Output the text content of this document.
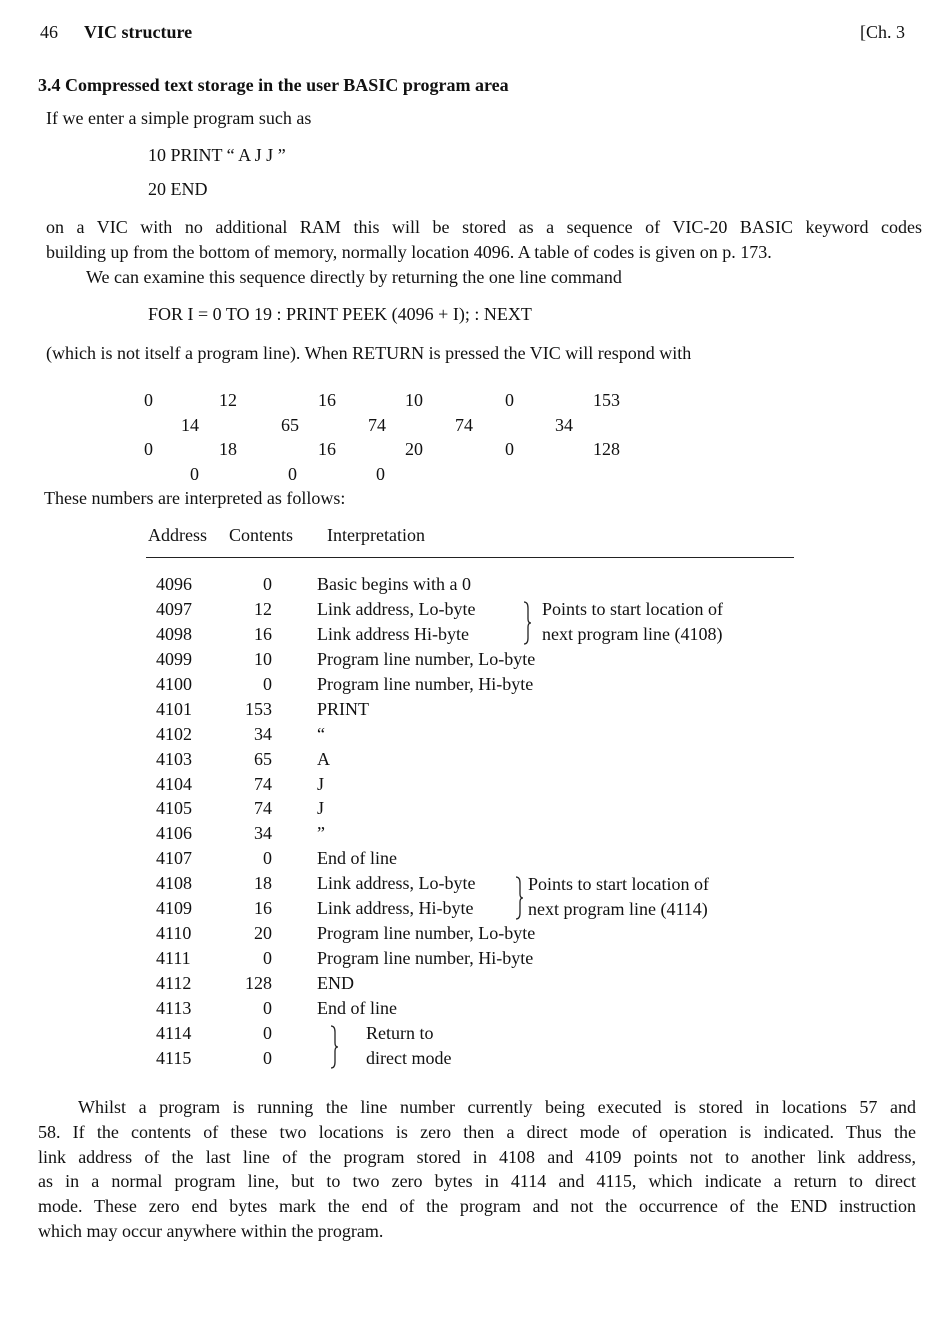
46 VIC structure	[Ch. 3
3.4 Compressed text storage in the user BASIC program area
If we enter a simple program such as
10 PRINT “ A J J ”
20 END
on a VIC with no additional RAM this will be stored as a sequence of VIC-20 BASIC keyword codes
building up from the bottom of memory, normally location 4096. A table of codes is given on p. 173.
We can examine this sequence directly by returning the one line command
FOR I = 0 TO 19 : PRINT PEEK (4096 + I); : NEXT
(which is not itself a program line). When RETURN is pressed the VIC will respond with
0	12	16	10	0	153
14	65	74	74	34
0	18	16	20	0	128
0	0	0
These numbers are interpreted as follows:
Address Contents Interpretation
4096	0	Basic begins with a 0
4097	12	Link address, Lo-byte
4098	16	Link address Hi-byte
4099	10	Program line number, Lo-byte
4100	0	Program line number, Hi-byte
4101	153	PRINT
4102	34	“
4103	65	A
4104	74	J
4105	74	J
4106	34	”
4107	0	End of line
4108	18	Link address, Lo-byte
4109	16	Link address, Hi-byte
4110	20	Program line number, Lo-byte
4111	0	Program line number, Hi-byte
4112	128	END
4113	0	End of line
4114	0
4115	0
Points to start location of
next program line (4108)
Points to start location of
next program line (4114)
Return to
direct mode
Whilst a program is running the line number currently being executed is stored in locations 57 and
58. If the contents of these two locations is zero then a direct mode of operation is indicated. Thus the
link address of the last line of the program stored in 4108 and 4109 points not to another link address,
as in a normal program line, but to two zero bytes in 4114 and 4115, which indicate a return to direct
mode. These zero end bytes mark the end of the program and not the occurrence of the END instruction
which may occur anywhere within the program.
